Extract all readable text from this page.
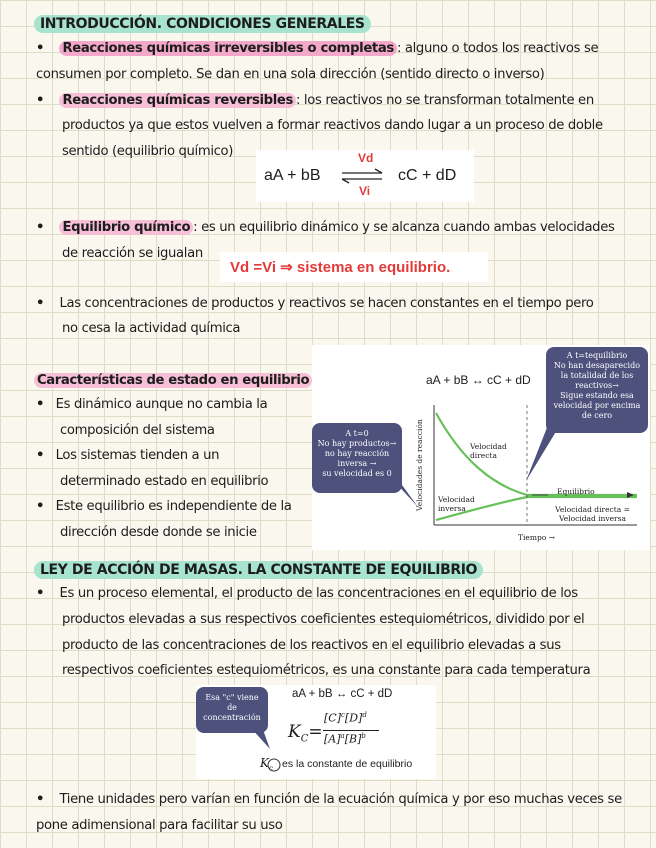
INTRODUCCIÓN. CONDICIONES GENERALES
• Reacciones químicas irreversibles o completas : alguno o todos los reactivos se
consumen por completo. Se dan en una sola dirección (sentido directo o inverso)
• Reacciones químicas reversibles : los reactivos no se transforman totalmente en
productos ya que estos vuelven a formar reactivos dando lugar a un proceso de doble
sentido (equilibrio químico)
aA + bB
Vd
Vi
cC + dD
• Equilibrio químico : es un equilibrio dinámico y se alcanza cuando ambas velocidades
de reacción se igualan
Vd =Vi ⇒ sistema en equilibrio.
• Las concentraciones de productos y reactivos se hacen constantes en el tiempo pero
no cesa la actividad química
Características de estado en equilibrio
• Es dinámico aunque no cambia la
composición del sistema
• Los sistemas tienden a un
determinado estado en equilibrio
• Este equilibrio es independiente de la
dirección desde donde se inicie
aA + bB ↔ cC + dD
Velocidades de reacción	Velocidad directa
Velocidad inversa
Equilibrio
Velocidad directa = Velocidad inversa
Tiempo →
A t=0
No hay productos→
no hay reacción
inversa →
su velocidad es 0
A t=tequilibrio
No han desaparecido
la totalidad de los
reactivos→
Sigue estando esa
velocidad por encima
de cero
LEY DE ACCIÓN DE MASAS. LA CONSTANTE DE EQUILIBRIO
• Es un proceso elemental, el producto de las concentraciones en el equilibrio de los
productos elevadas a sus respectivos coeficientes estequiométricos, dividido por el
producto de las concentraciones de los reactivos en el equilibrio elevadas a sus
respectivos coeficientes estequiométricos, es una constante para cada temperatura
Esa "c" viene de concentración
aA + bB ↔ cC + dD
$K_C=$
$[C]^c[D]^d$
$[A]^a[B]^b$
$K_c$ es la constante de equilibrio
• Tiene unidades pero varían en función de la ecuación química y por eso muchas veces se
pone adimensional para facilitar su uso
